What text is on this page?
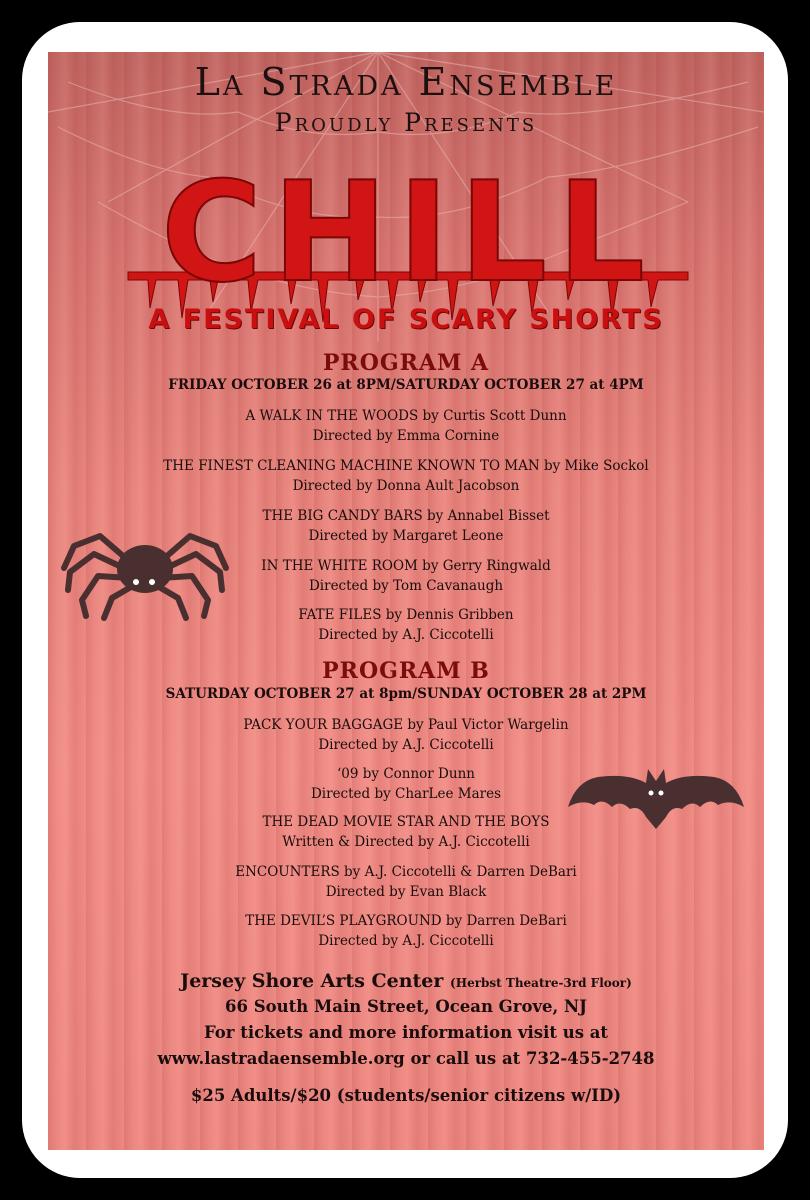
La Strada Ensemble
Proudly Presents
CHILL
A FESTIVAL OF SCARY SHORTS
PROGRAM A
FRIDAY OCTOBER 26 at 8PM/SATURDAY OCTOBER 27 at 4PM
A WALK IN THE WOODS by Curtis Scott Dunn
Directed by Emma Cornine
THE FINEST CLEANING MACHINE KNOWN TO MAN by Mike Sockol
Directed by Donna Ault Jacobson
THE BIG CANDY BARS by Annabel Bisset
Directed by Margaret Leone
IN THE WHITE ROOM by Gerry Ringwald
Directed by Tom Cavanaugh
FATE FILES by Dennis Gribben
Directed by A.J. Ciccotelli
PROGRAM B
SATURDAY OCTOBER 27 at 8pm/SUNDAY OCTOBER 28 at 2PM
PACK YOUR BAGGAGE by Paul Victor Wargelin
Directed by A.J. Ciccotelli
‘09 by Connor Dunn
Directed by CharLee Mares
THE DEAD MOVIE STAR AND THE BOYS
Written & Directed by A.J. Ciccotelli
ENCOUNTERS by A.J. Ciccotelli & Darren DeBari
Directed by Evan Black
THE DEVIL’S PLAYGROUND by Darren DeBari
Directed by A.J. Ciccotelli
Jersey Shore Arts Center (Herbst Theatre-3rd Floor)
66 South Main Street, Ocean Grove, NJ
For tickets and more information visit us at
www.lastradaensemble.org or call us at 732-455-2748
$25 Adults/$20 (students/senior citizens w/ID)
